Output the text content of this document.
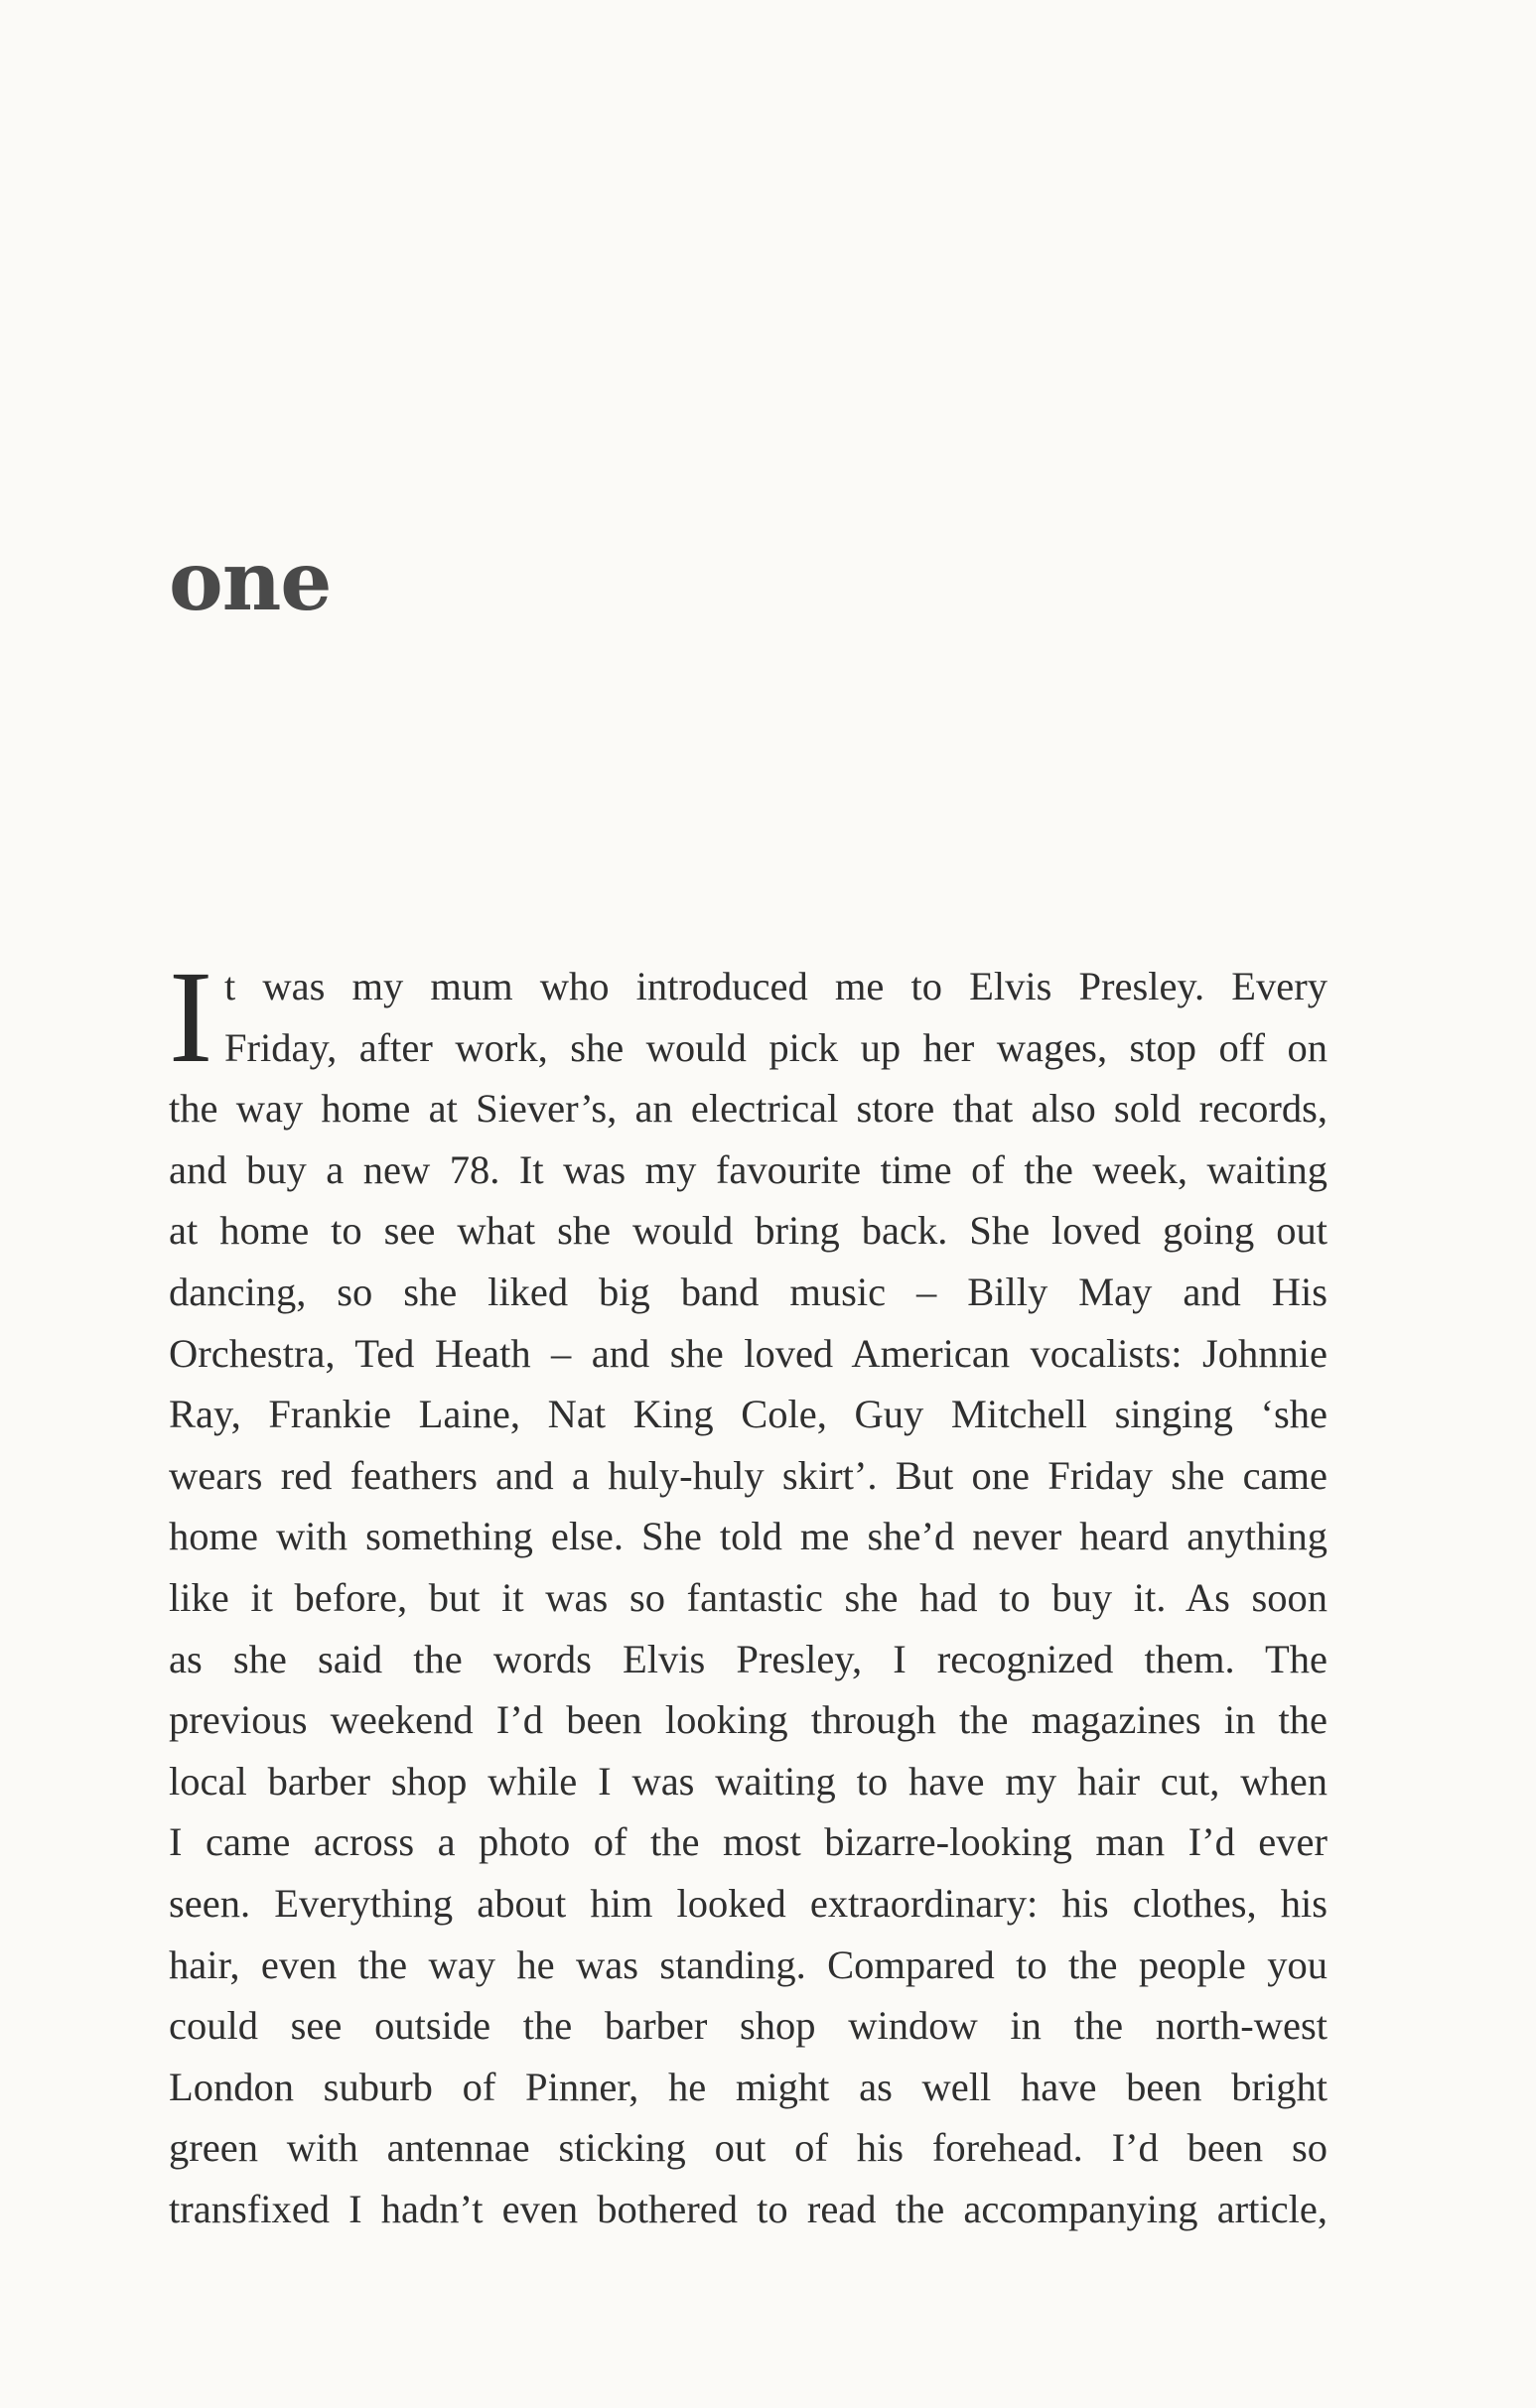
one
I t was my mum who introduced me to Elvis Presley. Every
Friday, after work, she would pick up her wages, stop off on
the way home at Siever’s, an electrical store that also sold records,
and buy a new 78. It was my favourite time of the week, waiting
at home to see what she would bring back. She loved going out
dancing, so she liked big band music – Billy May and His
Orchestra, Ted Heath – and she loved American vocalists: Johnnie
Ray, Frankie Laine, Nat King Cole, Guy Mitchell singing ‘she
wears red feathers and a huly-huly skirt’. But one Friday she came
home with something else. She told me she’d never heard anything
like it before, but it was so fantastic she had to buy it. As soon
as she said the words Elvis Presley, I recognized them. The
previous weekend I’d been looking through the magazines in the
local barber shop while I was waiting to have my hair cut, when
I came across a photo of the most bizarre-looking man I’d ever
seen. Everything about him looked extraordinary: his clothes, his
hair, even the way he was standing. Compared to the people you
could see outside the barber shop window in the north-west
London suburb of Pinner, he might as well have been bright
green with antennae sticking out of his forehead. I’d been so
transfixed I hadn’t even bothered to read the accompanying article,
